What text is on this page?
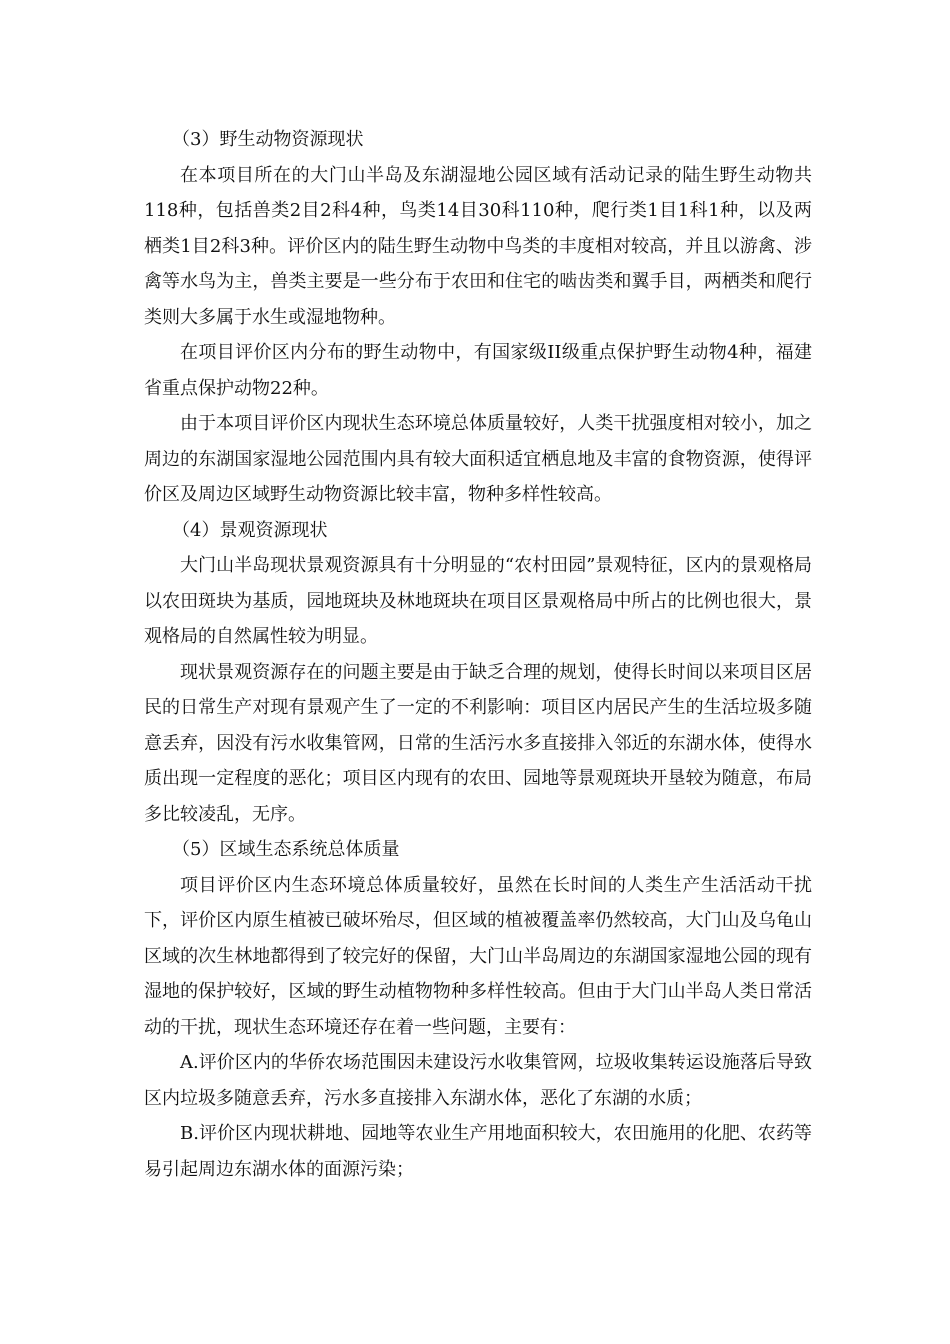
（3）野生动物资源现状

在本项目所在的大门山半岛及东湖湿地公园区域有活动记录的陆生野生动物共118种，包括兽类2目2科4种，鸟类14目30科110种，爬行类1目1科1种，以及两栖类1目2科3种。评价区内的陆生野生动物中鸟类的丰度相对较高，并且以游禽、涉禽等水鸟为主，兽类主要是一些分布于农田和住宅的啮齿类和翼手目，两栖类和爬行类则大多属于水生或湿地物种。

在项目评价区内分布的野生动物中，有国家级II级重点保护野生动物4种，福建省重点保护动物22种。

由于本项目评价区内现状生态环境总体质量较好，人类干扰强度相对较小，加之周边的东湖国家湿地公园范围内具有较大面积适宜栖息地及丰富的食物资源，使得评价区及周边区域野生动物资源比较丰富，物种多样性较高。

（4）景观资源现状

大门山半岛现状景观资源具有十分明显的“农村田园”景观特征，区内的景观格局以农田斑块为基质，园地斑块及林地斑块在项目区景观格局中所占的比例也很大，景观格局的自然属性较为明显。

现状景观资源存在的问题主要是由于缺乏合理的规划，使得长时间以来项目区居民的日常生产对现有景观产生了一定的不利影响：项目区内居民产生的生活垃圾多随意丢弃，因没有污水收集管网，日常的生活污水多直接排入邻近的东湖水体，使得水质出现一定程度的恶化；项目区内现有的农田、园地等景观斑块开垦较为随意，布局多比较凌乱，无序。

（5）区域生态系统总体质量

项目评价区内生态环境总体质量较好，虽然在长时间的人类生产生活活动干扰下，评价区内原生植被已破坏殆尽，但区域的植被覆盖率仍然较高，大门山及乌龟山区域的次生林地都得到了较完好的保留，大门山半岛周边的东湖国家湿地公园的现有湿地的保护较好，区域的野生动植物物种多样性较高。但由于大门山半岛人类日常活动的干扰，现状生态环境还存在着一些问题，主要有：

A.评价区内的华侨农场范围因未建设污水收集管网，垃圾收集转运设施落后导致区内垃圾多随意丢弃，污水多直接排入东湖水体，恶化了东湖的水质；

B.评价区内现状耕地、园地等农业生产用地面积较大，农田施用的化肥、农药等易引起周边东湖水体的面源污染；
